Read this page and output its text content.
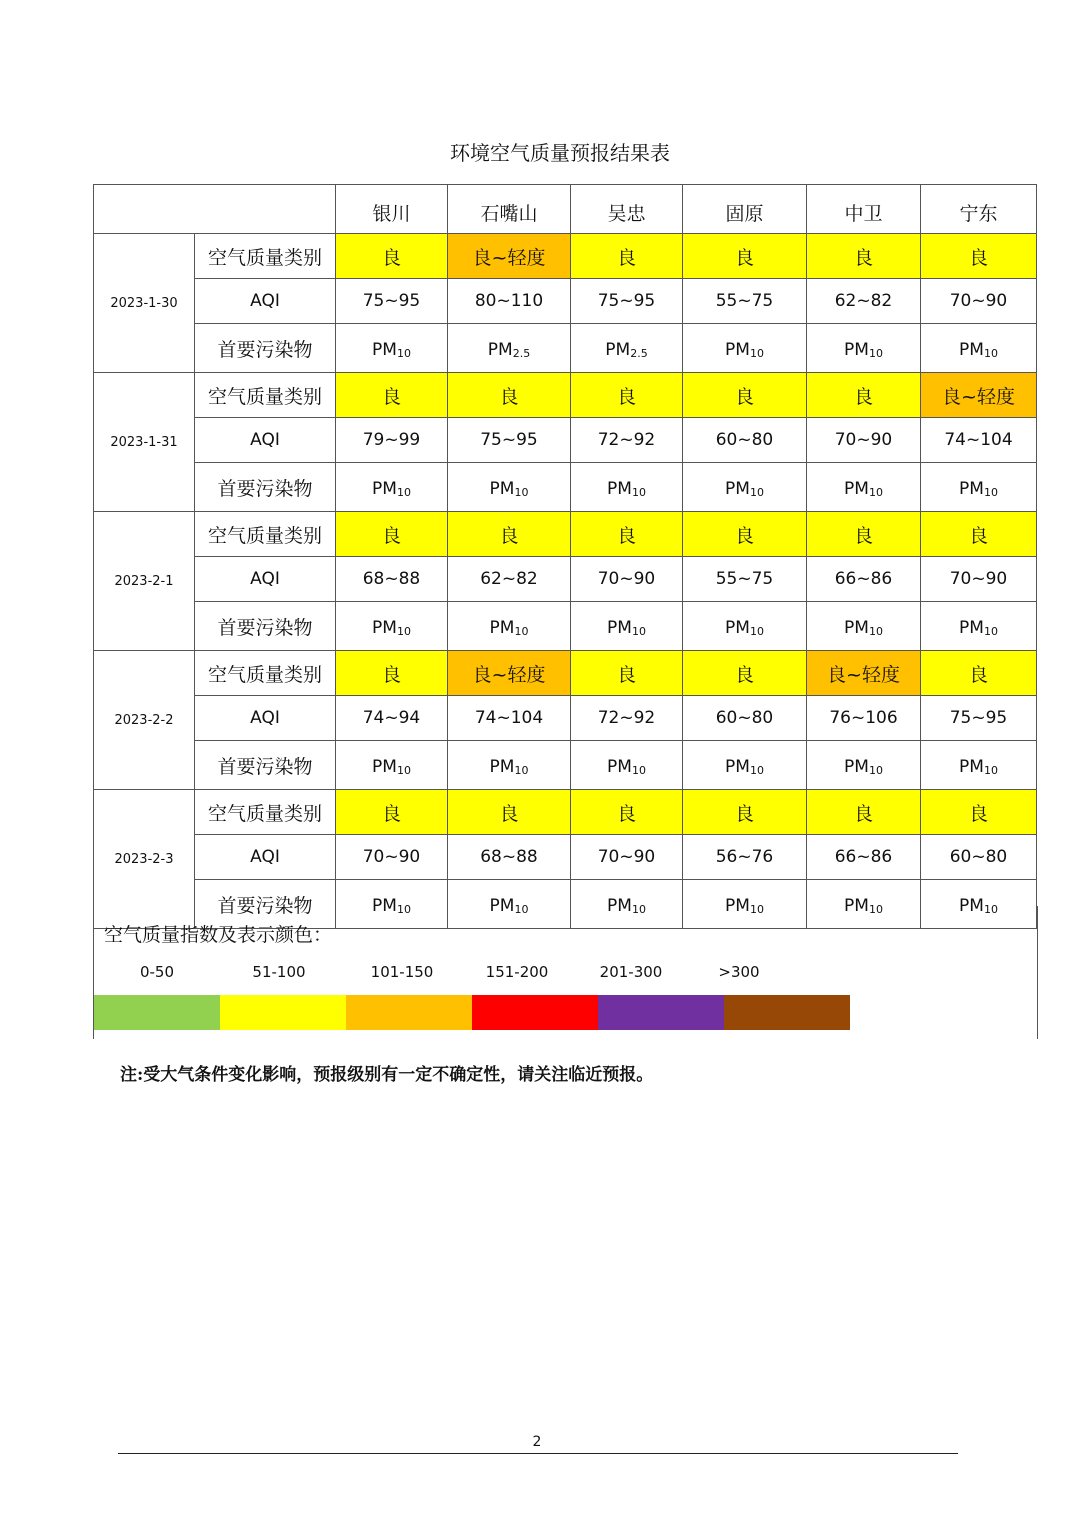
环境空气质量预报结果表
		银川	石嘴山	吴忠	固原	中卫	宁东
2023-1-30	空气质量类别	良	良~轻度	良	良	良	良
	AQI	75~95	80~110	75~95	55~75	62~82	70~90
	首要污染物	$PM_{10}$	$PM_{2.5}$	$PM_{2.5}$	$PM_{10}$	$PM_{10}$	$PM_{10}$
2023-1-31	空气质量类别	良	良	良	良	良	良~轻度
	AQI	79~99	75~95	72~92	60~80	70~90	74~104
	首要污染物	$PM_{10}$	$PM_{10}$	$PM_{10}$	$PM_{10}$	$PM_{10}$	$PM_{10}$
2023-2-1	空气质量类别	良	良	良	良	良	良
	AQI	68~88	62~82	70~90	55~75	66~86	70~90
	首要污染物	$PM_{10}$	$PM_{10}$	$PM_{10}$	$PM_{10}$	$PM_{10}$	$PM_{10}$
2023-2-2	空气质量类别	良	良~轻度	良	良	良~轻度	良
	AQI	74~94	74~104	72~92	60~80	76~106	75~95
	首要污染物	$PM_{10}$	$PM_{10}$	$PM_{10}$	$PM_{10}$	$PM_{10}$	$PM_{10}$
2023-2-3	空气质量类别	良	良	良	良	良	良
	AQI	70~90	68~88	70~90	56~76	66~86	60~80
	首要污染物	$PM_{10}$	$PM_{10}$	$PM_{10}$	$PM_{10}$	$PM_{10}$	$PM_{10}$
空气质量指数及表示颜色：
0-50	51-100	101-150	151-200	201-300	>300
注:受大气条件变化影响，预报级别有一定不确定性，请关注临近预报。
2
